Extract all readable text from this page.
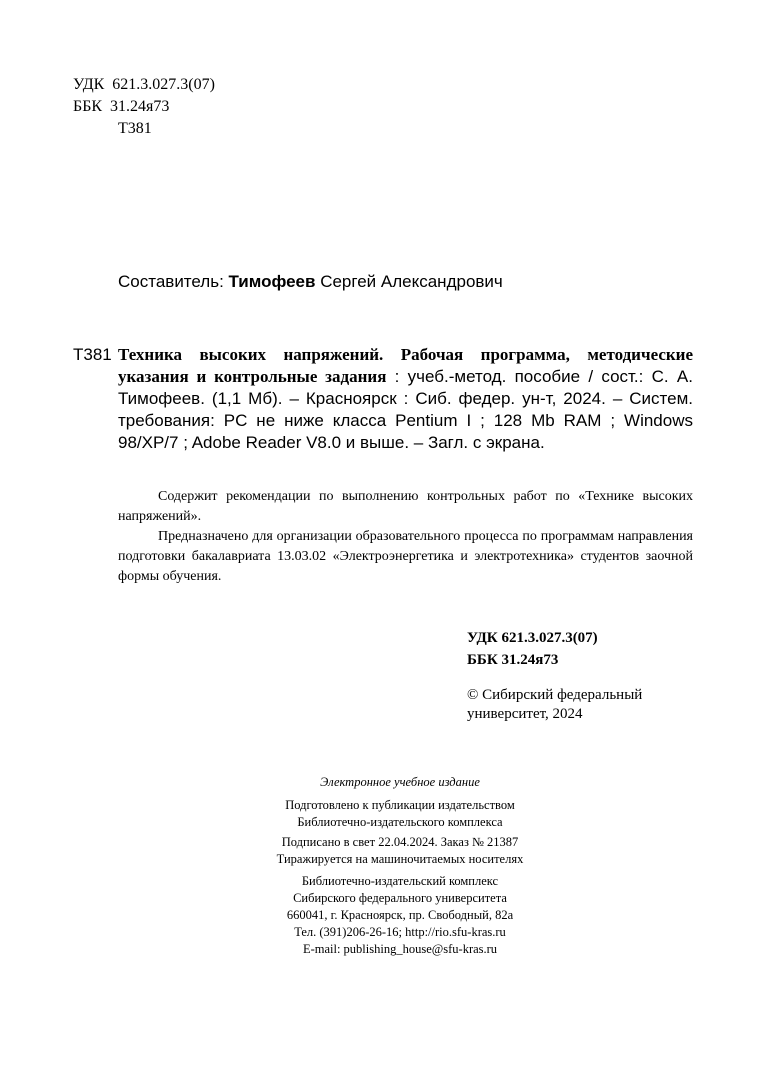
УДК 621.3.027.3(07)
ББК 31.24я73
Т381
Составитель: Тимофеев Сергей Александрович
Т381 Техника высоких напряжений. Рабочая программа, методические указания и контрольные задания : учеб.-метод. пособие / сост.: С. А. Тимофеев. (1,1 Мб). – Красноярск : Сиб. федер. ун-т, 2024. – Систем. требования: PC не ниже класса Pentium I ; 128 Mb RAM ; Windows 98/XP/7 ; Adobe Reader V8.0 и выше. – Загл. с экрана.

Содержит рекомендации по выполнению контрольных работ по «Технике высоких напряжений».

Предназначено для организации образовательного процесса по программам направления подготовки бакалавриата 13.03.02 «Электроэнергетика и электротехника» студентов заочной формы обучения.

УДК 621.3.027.3(07)
ББК 31.24я73
© Сибирский федеральный
университет, 2024
Электронное учебное издание
Подготовлено к публикации издательством
Библиотечно-издательского комплекса
Подписано в свет 22.04.2024. Заказ № 21387
Тиражируется на машиночитаемых носителях
Библиотечно-издательский комплекс
Сибирского федерального университета
660041, г. Красноярск, пр. Свободный, 82а
Тел. (391)206-26-16; http://rio.sfu-kras.ru
E-mail: publishing_house@sfu-kras.ru
